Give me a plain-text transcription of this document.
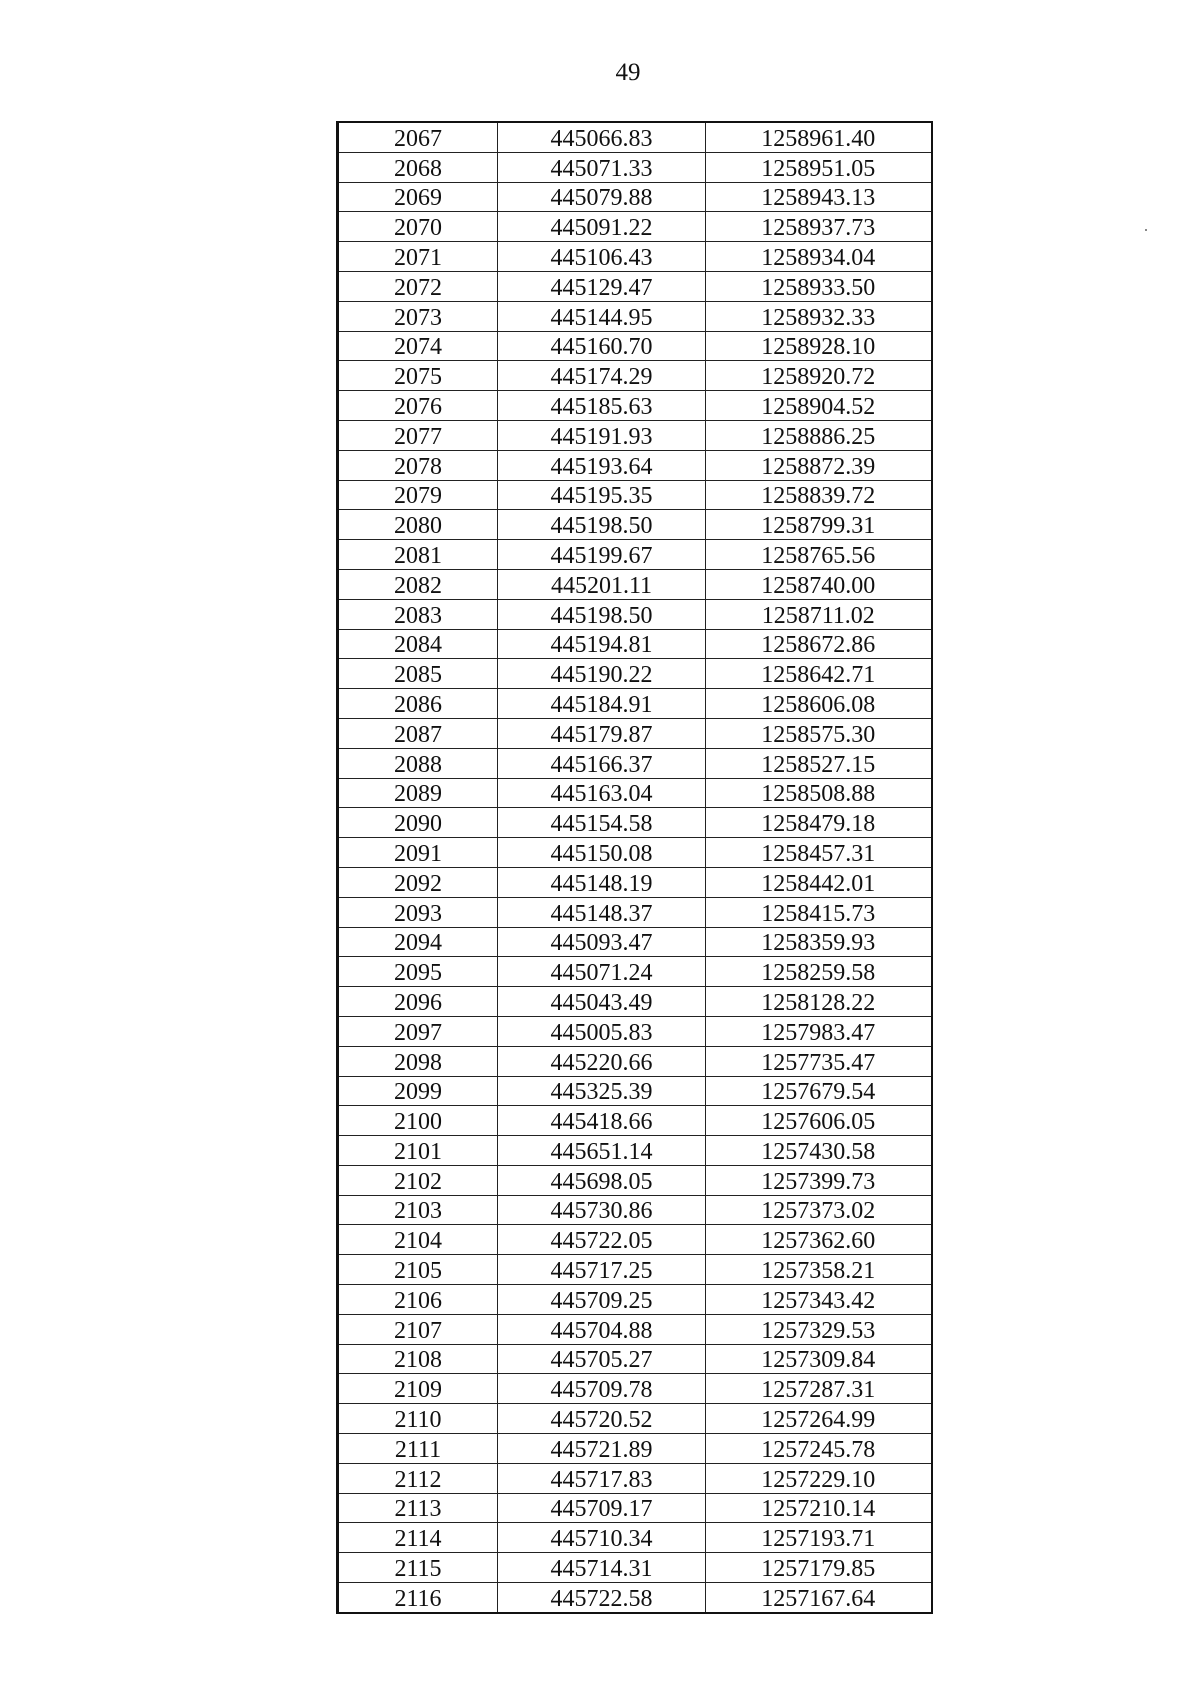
49
2067	445066.83	1258961.40
2068	445071.33	1258951.05
2069	445079.88	1258943.13
2070	445091.22	1258937.73
2071	445106.43	1258934.04
2072	445129.47	1258933.50
2073	445144.95	1258932.33
2074	445160.70	1258928.10
2075	445174.29	1258920.72
2076	445185.63	1258904.52
2077	445191.93	1258886.25
2078	445193.64	1258872.39
2079	445195.35	1258839.72
2080	445198.50	1258799.31
2081	445199.67	1258765.56
2082	445201.11	1258740.00
2083	445198.50	1258711.02
2084	445194.81	1258672.86
2085	445190.22	1258642.71
2086	445184.91	1258606.08
2087	445179.87	1258575.30
2088	445166.37	1258527.15
2089	445163.04	1258508.88
2090	445154.58	1258479.18
2091	445150.08	1258457.31
2092	445148.19	1258442.01
2093	445148.37	1258415.73
2094	445093.47	1258359.93
2095	445071.24	1258259.58
2096	445043.49	1258128.22
2097	445005.83	1257983.47
2098	445220.66	1257735.47
2099	445325.39	1257679.54
2100	445418.66	1257606.05
2101	445651.14	1257430.58
2102	445698.05	1257399.73
2103	445730.86	1257373.02
2104	445722.05	1257362.60
2105	445717.25	1257358.21
2106	445709.25	1257343.42
2107	445704.88	1257329.53
2108	445705.27	1257309.84
2109	445709.78	1257287.31
2110	445720.52	1257264.99
2111	445721.89	1257245.78
2112	445717.83	1257229.10
2113	445709.17	1257210.14
2114	445710.34	1257193.71
2115	445714.31	1257179.85
2116	445722.58	1257167.64
